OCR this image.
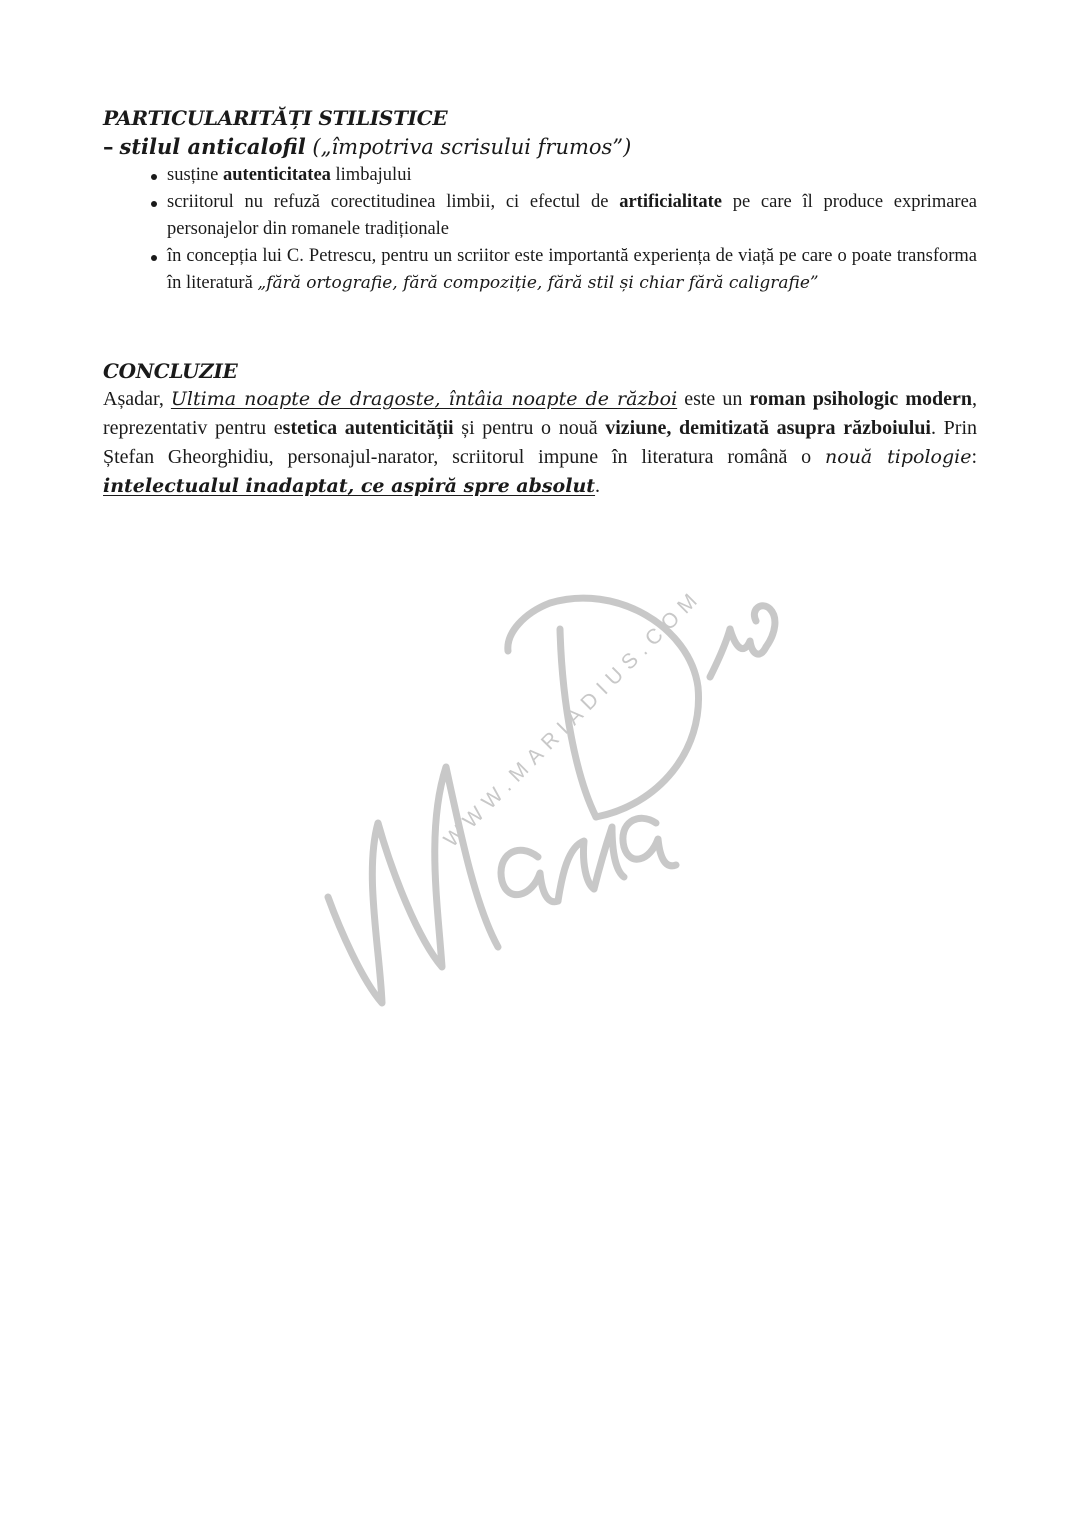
PARTICULARITĂȚI STILISTICE

– stilul anticalofil („împotriva scrisului frumos”)

susține autenticitatea limbajului
scriitorul nu refuză corectitudinea limbii, ci efectul de artificialitate pe care îl produce exprimarea personajelor din romanele tradiționale
în concepția lui C. Petrescu, pentru un scriitor este importantă experiența de viață pe care o poate transforma în literatură „fără ortografie, fără compoziție, fără stil și chiar fără caligrafie”
CONCLUZIE

Așadar, Ultima noapte de dragoste, întâia noapte de război este un roman psihologic modern, reprezentativ pentru estetica autenticității și pentru o nouă viziune, demitizată asupra războiului. Prin Ștefan Gheorghidiu, personajul-narator, scriitorul impune în literatura română o nouă tipologie: intelectualul inadaptat, ce aspiră spre absolut.

WWW.MARIADIUS.COM
